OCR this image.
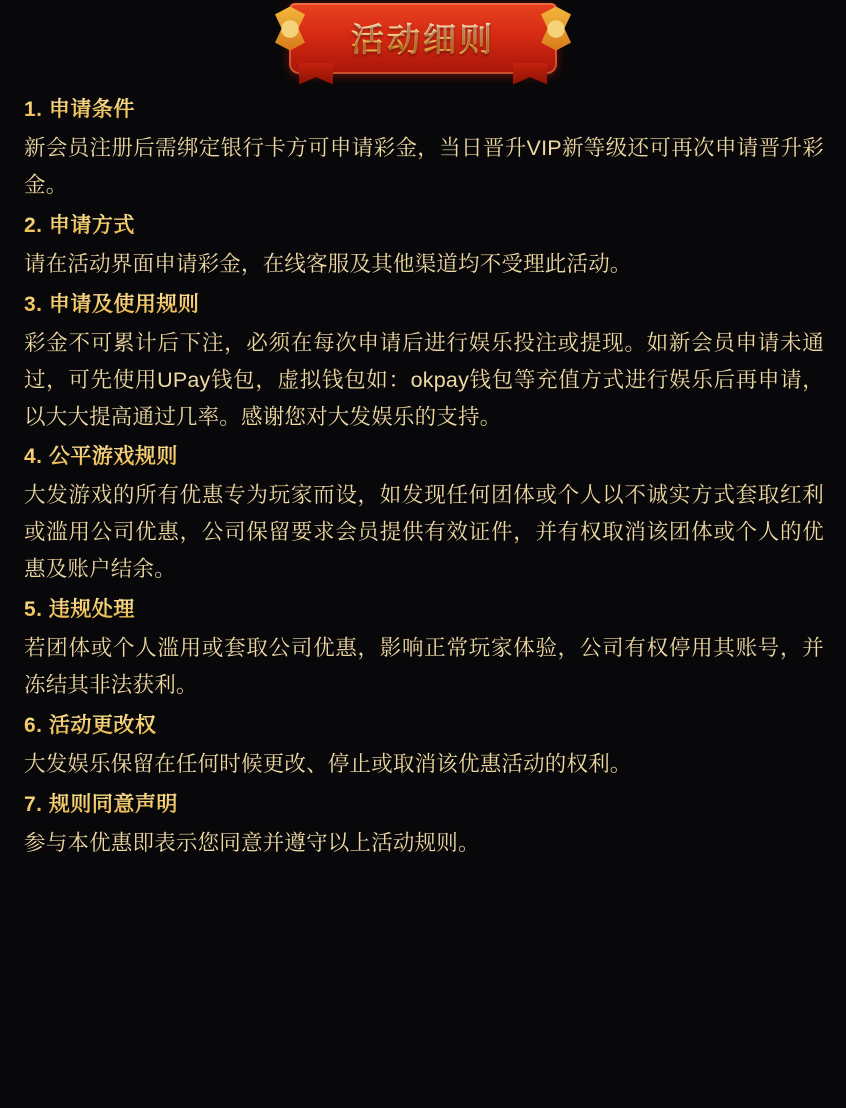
活动细则
1. 申请条件
新会员注册后需绑定银行卡方可申请彩金，当日晋升VIP新等级还可再次申请晋升彩金。
2. 申请方式
请在活动界面申请彩金，在线客服及其他渠道均不受理此活动。
3. 申请及使用规则
彩金不可累计后下注，必须在每次申请后进行娱乐投注或提现。如新会员申请未通过，可先使用UPay钱包，虚拟钱包如：okpay钱包等充值方式进行娱乐后再申请，以大大提高通过几率。感谢您对大发娱乐的支持。
4. 公平游戏规则
大发游戏的所有优惠专为玩家而设，如发现任何团体或个人以不诚实方式套取红利或滥用公司优惠，公司保留要求会员提供有效证件，并有权取消该团体或个人的优惠及账户结余。
5. 违规处理
若团体或个人滥用或套取公司优惠，影响正常玩家体验，公司有权停用其账号，并冻结其非法获利。
6. 活动更改权
大发娱乐保留在任何时候更改、停止或取消该优惠活动的权利。
7. 规则同意声明
参与本优惠即表示您同意并遵守以上活动规则。
